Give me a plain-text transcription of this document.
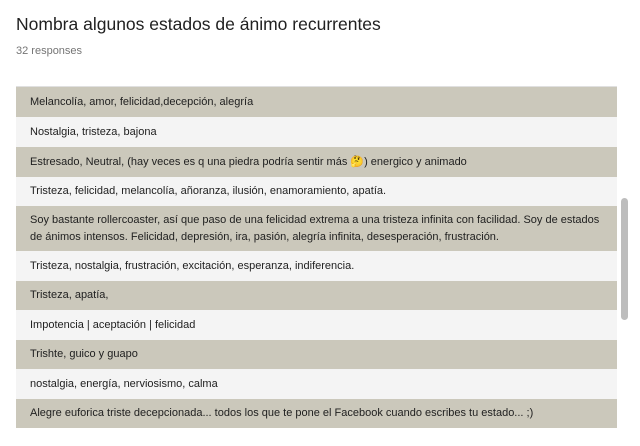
Nombra algunos estados de ánimo recurrentes
32 responses
Melancolía, amor, felicidad,decepción, alegría
Nostalgia, tristeza, bajona
Estresado, Neutral, (hay veces es q una piedra podría sentir más 🤔) energico y animado
Tristeza, felicidad, melancolía, añoranza, ilusión, enamoramiento, apatía.
Soy bastante rollercoaster, así que paso de una felicidad extrema a una tristeza infinita con facilidad. Soy de estados de ánimos intensos. Felicidad, depresión, ira, pasión, alegría infinita, desesperación, frustración.
Tristeza, nostalgia, frustración, excitación, esperanza, indiferencia.
Tristeza, apatía,
Impotencia | aceptación | felicidad
Trishte, guico y guapo
nostalgia, energía, nerviosismo, calma
Alegre euforica triste decepcionada... todos los que te pone el Facebook cuando escribes tu estado... ;)
